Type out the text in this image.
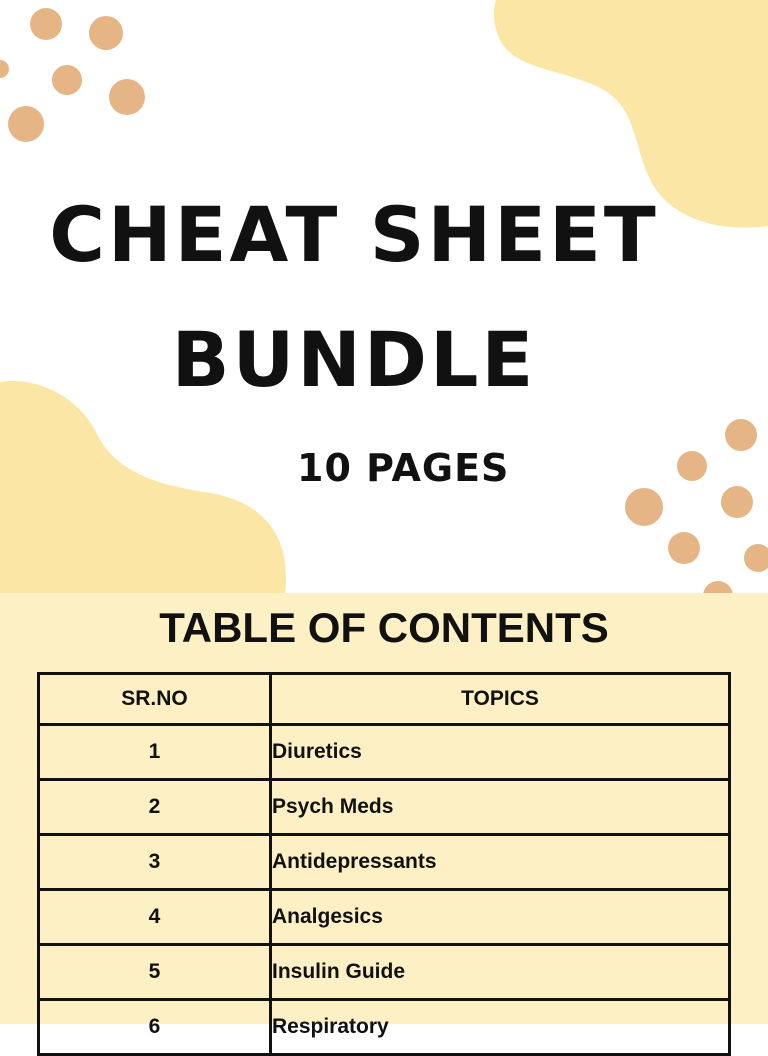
CHEAT SHEET
BUNDLE
10 PAGES
TABLE OF CONTENTS
SR.NO	TOPICS
1	Diuretics
2	Psych Meds
3	Antidepressants
4	Analgesics
5	Insulin Guide
6	Respiratory
